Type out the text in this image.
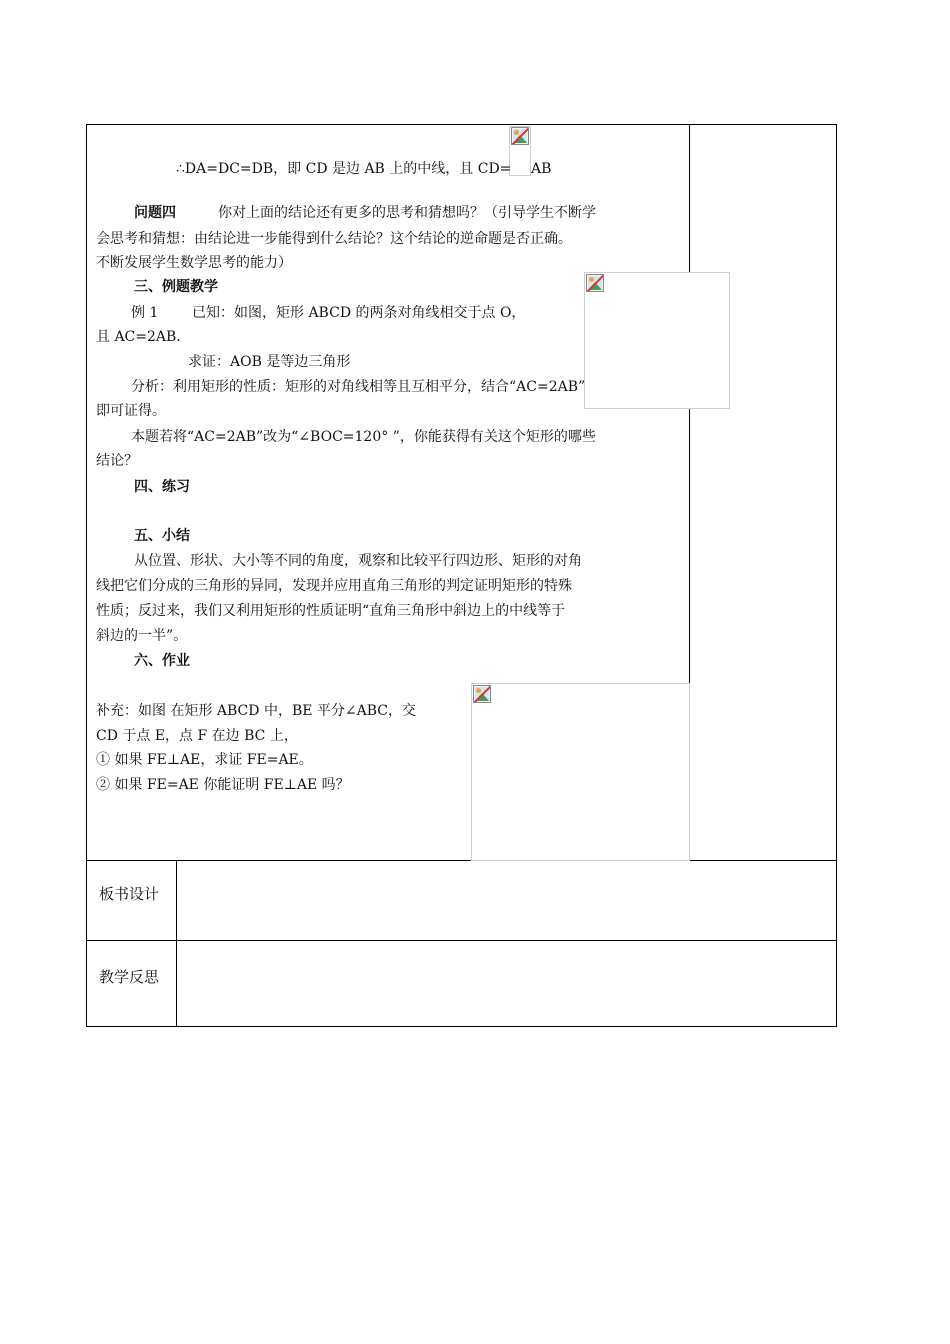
∴DA=DC=DB，即 CD 是边 AB 上的中线，且 CD= AB
问题四	你对上面的结论还有更多的思考和猜想吗？（引导学生不断学
会思考和猜想：由结论进一步能得到什么结论？这个结论的逆命题是否正确。
不断发展学生数学思考的能力）
三、例题教学
例 1 已知：如图，矩形 ABCD 的两条对角线相交于点 O，
且 AC=2AB.
求证：AOB 是等边三角形
分析：利用矩形的性质：矩形的对角线相等且互相平分，结合“AC=2AB”
即可证得。
本题若将“AC=2AB”改为“∠BOC=120° ”，你能获得有关这个矩形的哪些
结论？
四、练习
五、小结
从位置、形状、大小等不同的角度，观察和比较平行四边形、矩形的对角
线把它们分成的三角形的异同，发现并应用直角三角形的判定证明矩形的特殊
性质；反过来，我们又利用矩形的性质证明“直角三角形中斜边上的中线等于
斜边的一半”。
六、作业
补充：如图 在矩形 ABCD 中，BE 平分∠ABC，交
CD 于点 E，点 F 在边 BC 上，
① 如果 FE⊥AE，求证 FE=AE。
② 如果 FE=AE 你能证明 FE⊥AE 吗？
板书设计
教学反思
